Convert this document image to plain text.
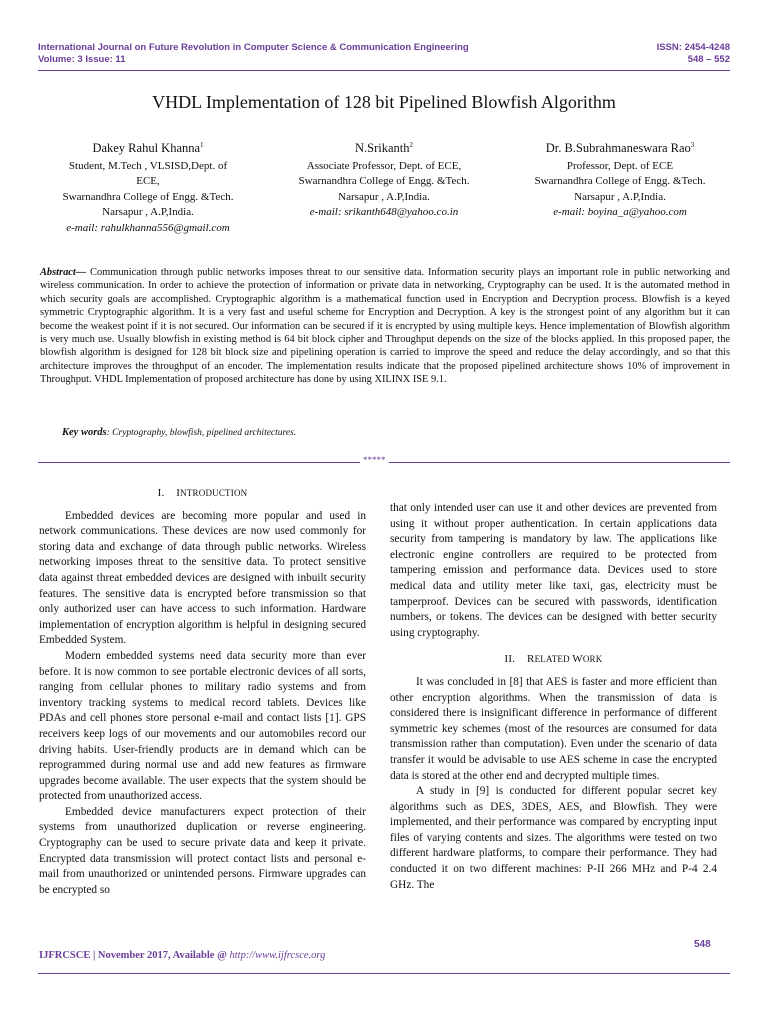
International Journal on Future Revolution in Computer Science & Communication Engineering	ISSN: 2454-4248
Volume: 3 Issue: 11	548 – 552
VHDL Implementation of 128 bit Pipelined Blowfish Algorithm
Dakey Rahul Khanna$^1$
Student, M.Tech , VLSISD,Dept. of
ECE,
Swarnandhra College of Engg. &Tech.
Narsapur , A.P,India.
e-mail: rahulkhanna556@gmail.com
N.Srikanth$^2$
Associate Professor, Dept. of ECE,
Swarnandhra College of Engg. &Tech.
Narsapur , A.P,India.
e-mail: srikanth648@yahoo.co.in
Dr. B.Subrahmaneswara Rao$^3$
Professor, Dept. of ECE
Swarnandhra College of Engg. &Tech.
Narsapur , A.P,India.
e-mail: boyina_a@yahoo.com
Abstract— Communication through public networks imposes threat to our sensitive data. Information security plays an important role in public networking and wireless communication. In order to achieve the protection of information or private data in networking, Cryptography can be used. It is the automated method in which security goals are accomplished. Cryptographic algorithm is a mathematical function used in Encryption and Decryption process. Blowfish is a keyed symmetric Cryptographic algorithm. It is a very fast and useful scheme for Encryption and Decryption. A key is the strongest point of any algorithm but it can become the weakest point if it is not secured. Our information can be secured if it is encrypted by using multiple keys. Hence implementation of Blowfish algorithm is very much use. Usually blowfish in existing method is 64 bit block cipher and Throughput depends on the size of the blocks applied. In this proposed paper, the blowfish algorithm is designed for 128 bit block size and pipelining operation is carried to improve the speed and reduce the delay accordingly, and so that this architecture improves the throughput of an encoder. The implementation results indicate that the proposed pipelined architecture shows 10% of improvement in Throughput. VHDL Implementation of proposed architecture has done by using XILINX ISE 9.1.
Key words: Cryptography, blowfish, pipelined architectures.
*****
I. INTRODUCTION

Embedded devices are becoming more popular and used in network communications. These devices are now used commonly for storing data and exchange of data through public networks. Wireless networking imposes threat to the sensitive data. To protect sensitive data against threat embedded devices are designed with inbuilt security features. The sensitive data is encrypted before transmission so that only authorized user can have access to such information. Hardware implementation of encryption algorithm is helpful in designing secured Embedded System.

Modern embedded systems need data security more than ever before. It is now common to see portable electronic devices of all sorts, ranging from cellular phones to military radio systems and from inventory tracking systems to medical record tablets. Devices like PDAs and cell phones store personal e-mail and contact lists [1]. GPS receivers keep logs of our movements and our automobiles record our driving habits. User-friendly products are in demand which can be reprogrammed during normal use and add new features as firmware upgrades become available. The user expects that the system should be protected from unauthorized access.

Embedded device manufacturers expect protection of their systems from unauthorized duplication or reverse engineering. Cryptography can be used to secure private data and keep it private. Encrypted data transmission will protect contact lists and personal e-mail from unauthorized or unintended persons. Firmware upgrades can be encrypted so

that only intended user can use it and other devices are prevented from using it without proper authentication. In certain applications data security from tampering is mandatory by law. The applications like electronic engine controllers are required to be protected from tampering emission and performance data. Devices used to store medical data and utility meter like taxi, gas, electricity must be tamperproof. Devices can be secured with passwords, identification numbers, or tokens. The devices can be designed with better security using cryptography.

II. RELATED WORK

It was concluded in [8] that AES is faster and more efficient than other encryption algorithms. When the transmission of data is considered there is insignificant difference in performance of different symmetric key schemes (most of the resources are consumed for data transmission rather than computation). Even under the scenario of data transfer it would be advisable to use AES scheme in case the encrypted data is stored at the other end and decrypted multiple times.

A study in [9] is conducted for different popular secret key algorithms such as DES, 3DES, AES, and Blowfish. They were implemented, and their performance was compared by encrypting input files of varying contents and sizes. The algorithms were tested on two different hardware platforms, to compare their performance. They had conducted it on two different machines: P-II 266 MHz and P-4 2.4 GHz. The

548
IJFRCSCE | November 2017, Available @ http://www.ijfrcsce.org
